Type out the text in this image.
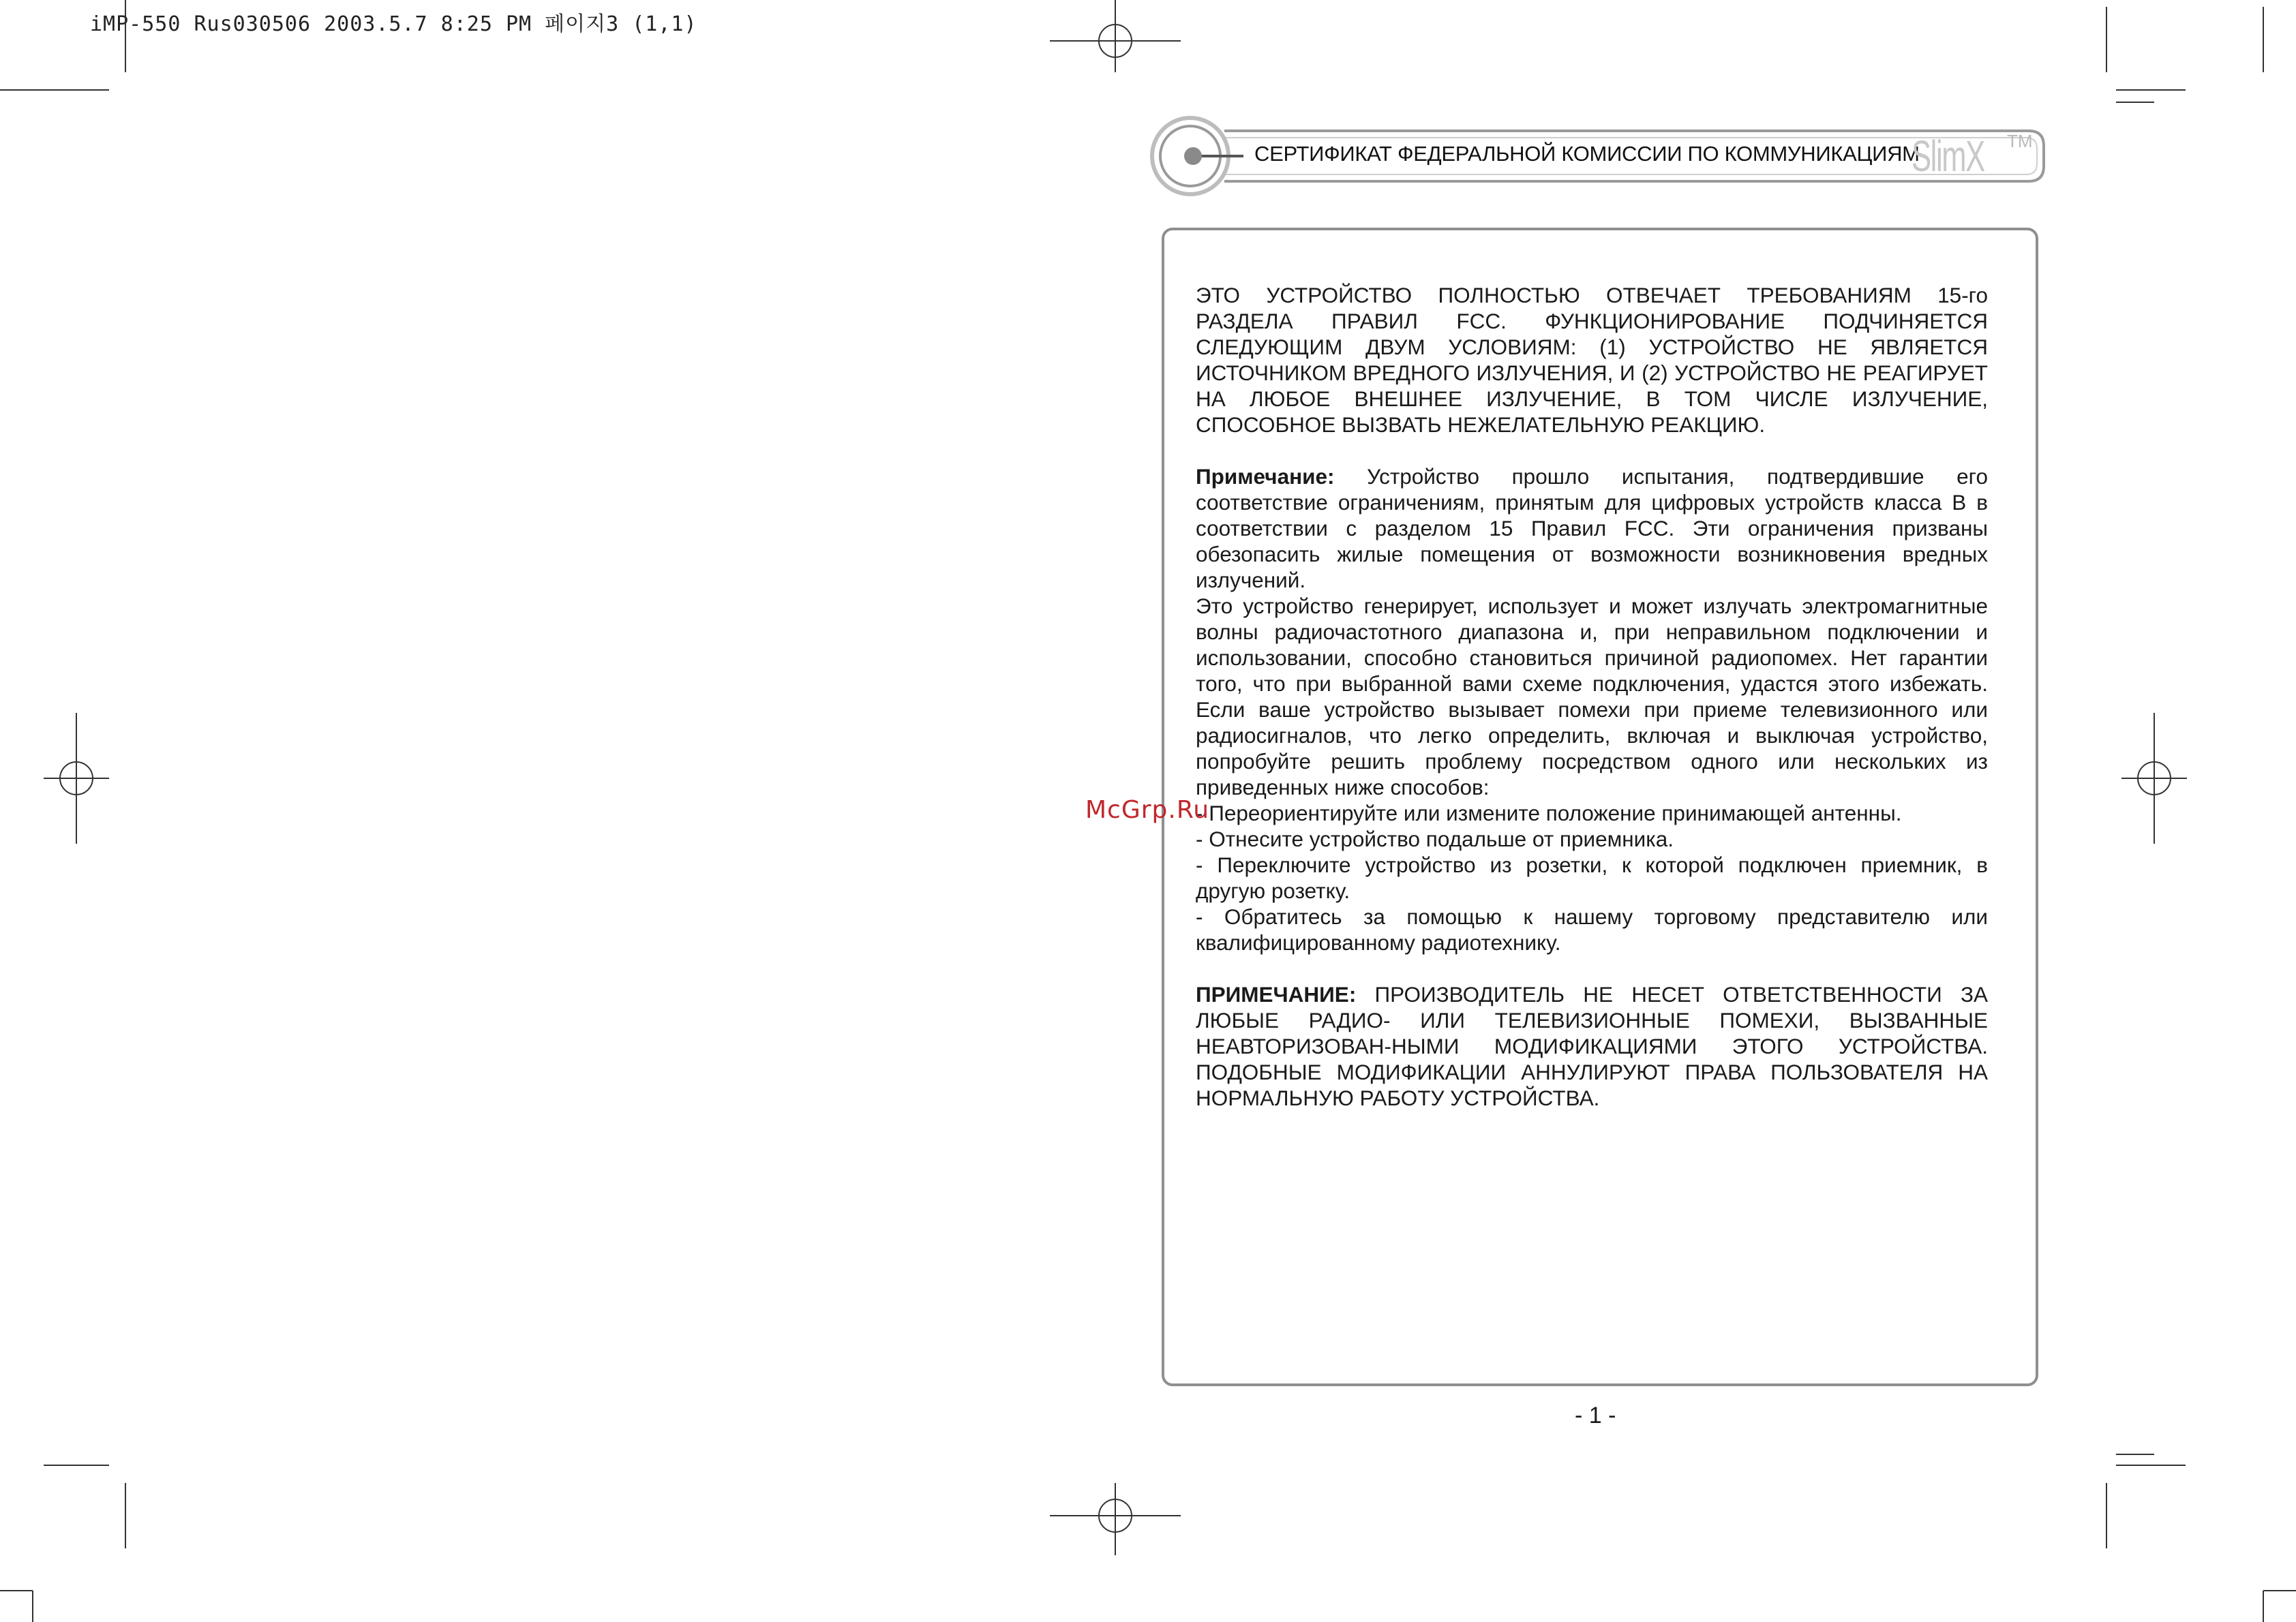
iMP-550 Rus030506 2003.5.7 8:25 PM 페이지3 (1,1)
СЕРТИФИКАТ ФЕДЕРАЛЬНОЙ КОМИССИИ ПО КОММУНИКАЦИЯМ
SlimX TM

ЭТО УСТРОЙСТВО ПОЛНОСТЬЮ ОТВЕЧАЕТ ТРЕБОВАНИЯМ 15-го РАЗДЕЛА ПРАВИЛ FCC. ФУНКЦИОНИРОВАНИЕ ПОДЧИНЯЕТСЯ СЛЕДУЮЩИМ ДВУМ УСЛОВИЯМ: (1) УСТРОЙСТВО НЕ ЯВЛЯЕТСЯ ИСТОЧНИКОМ ВРЕДНОГО ИЗЛУЧЕНИЯ, И (2) УСТРОЙСТВО НЕ РЕАГИРУЕТ НА ЛЮБОЕ ВНЕШНЕЕ ИЗЛУЧЕНИЕ, В ТОМ ЧИСЛЕ ИЗЛУЧЕНИЕ, СПОСОБНОЕ ВЫЗВАТЬ НЕЖЕЛАТЕЛЬНУЮ РЕАКЦИЮ.

Примечание: Устройство прошло испытания, подтвердившие его соответствие ограничениям, принятым для цифровых устройств класса B в соответствии с разделом 15 Правил FCC. Эти ограничения призваны обезопасить жилые помещения от возможности возникновения вредных излучений.

Это устройство генерирует, использует и может излучать электромагнитные волны радиочастотного диапазона и, при неправильном подключении и использовании, способно становиться причиной радиопомех. Нет гарантии того, что при выбранной вами схеме подключения, удастся этого избежать. Если ваше устройство вызывает помехи при приеме телевизионного или радиосигналов, что легко определить, включая и выключая устройство, попробуйте решить проблему посредством одного или нескольких из приведенных ниже способов:

- Переориентируйте или измените положение принимающей антенны.

- Отнесите устройство подальше от приемника.

- Переключите устройство из розетки, к которой подключен приемник, в другую розетку.

- Обратитесь за помощью к нашему торговому представителю или квалифицированному радиотехнику.

ПРИМЕЧАНИЕ: ПРОИЗВОДИТЕЛЬ НЕ НЕСЕТ ОТВЕТСТВЕННОСТИ ЗА ЛЮБЫЕ РАДИО- ИЛИ ТЕЛЕВИЗИОННЫЕ ПОМЕХИ, ВЫЗВАННЫЕ НЕАВТОРИЗОВАН-НЫМИ МОДИФИКАЦИЯМИ ЭТОГО УСТРОЙСТВА. ПОДОБНЫЕ МОДИФИКАЦИИ АННУЛИРУЮТ ПРАВА ПОЛЬЗОВАТЕЛЯ НА НОРМАЛЬНУЮ РАБОТУ УСТРОЙСТВА.

McGrp.Ru
- 1 -
